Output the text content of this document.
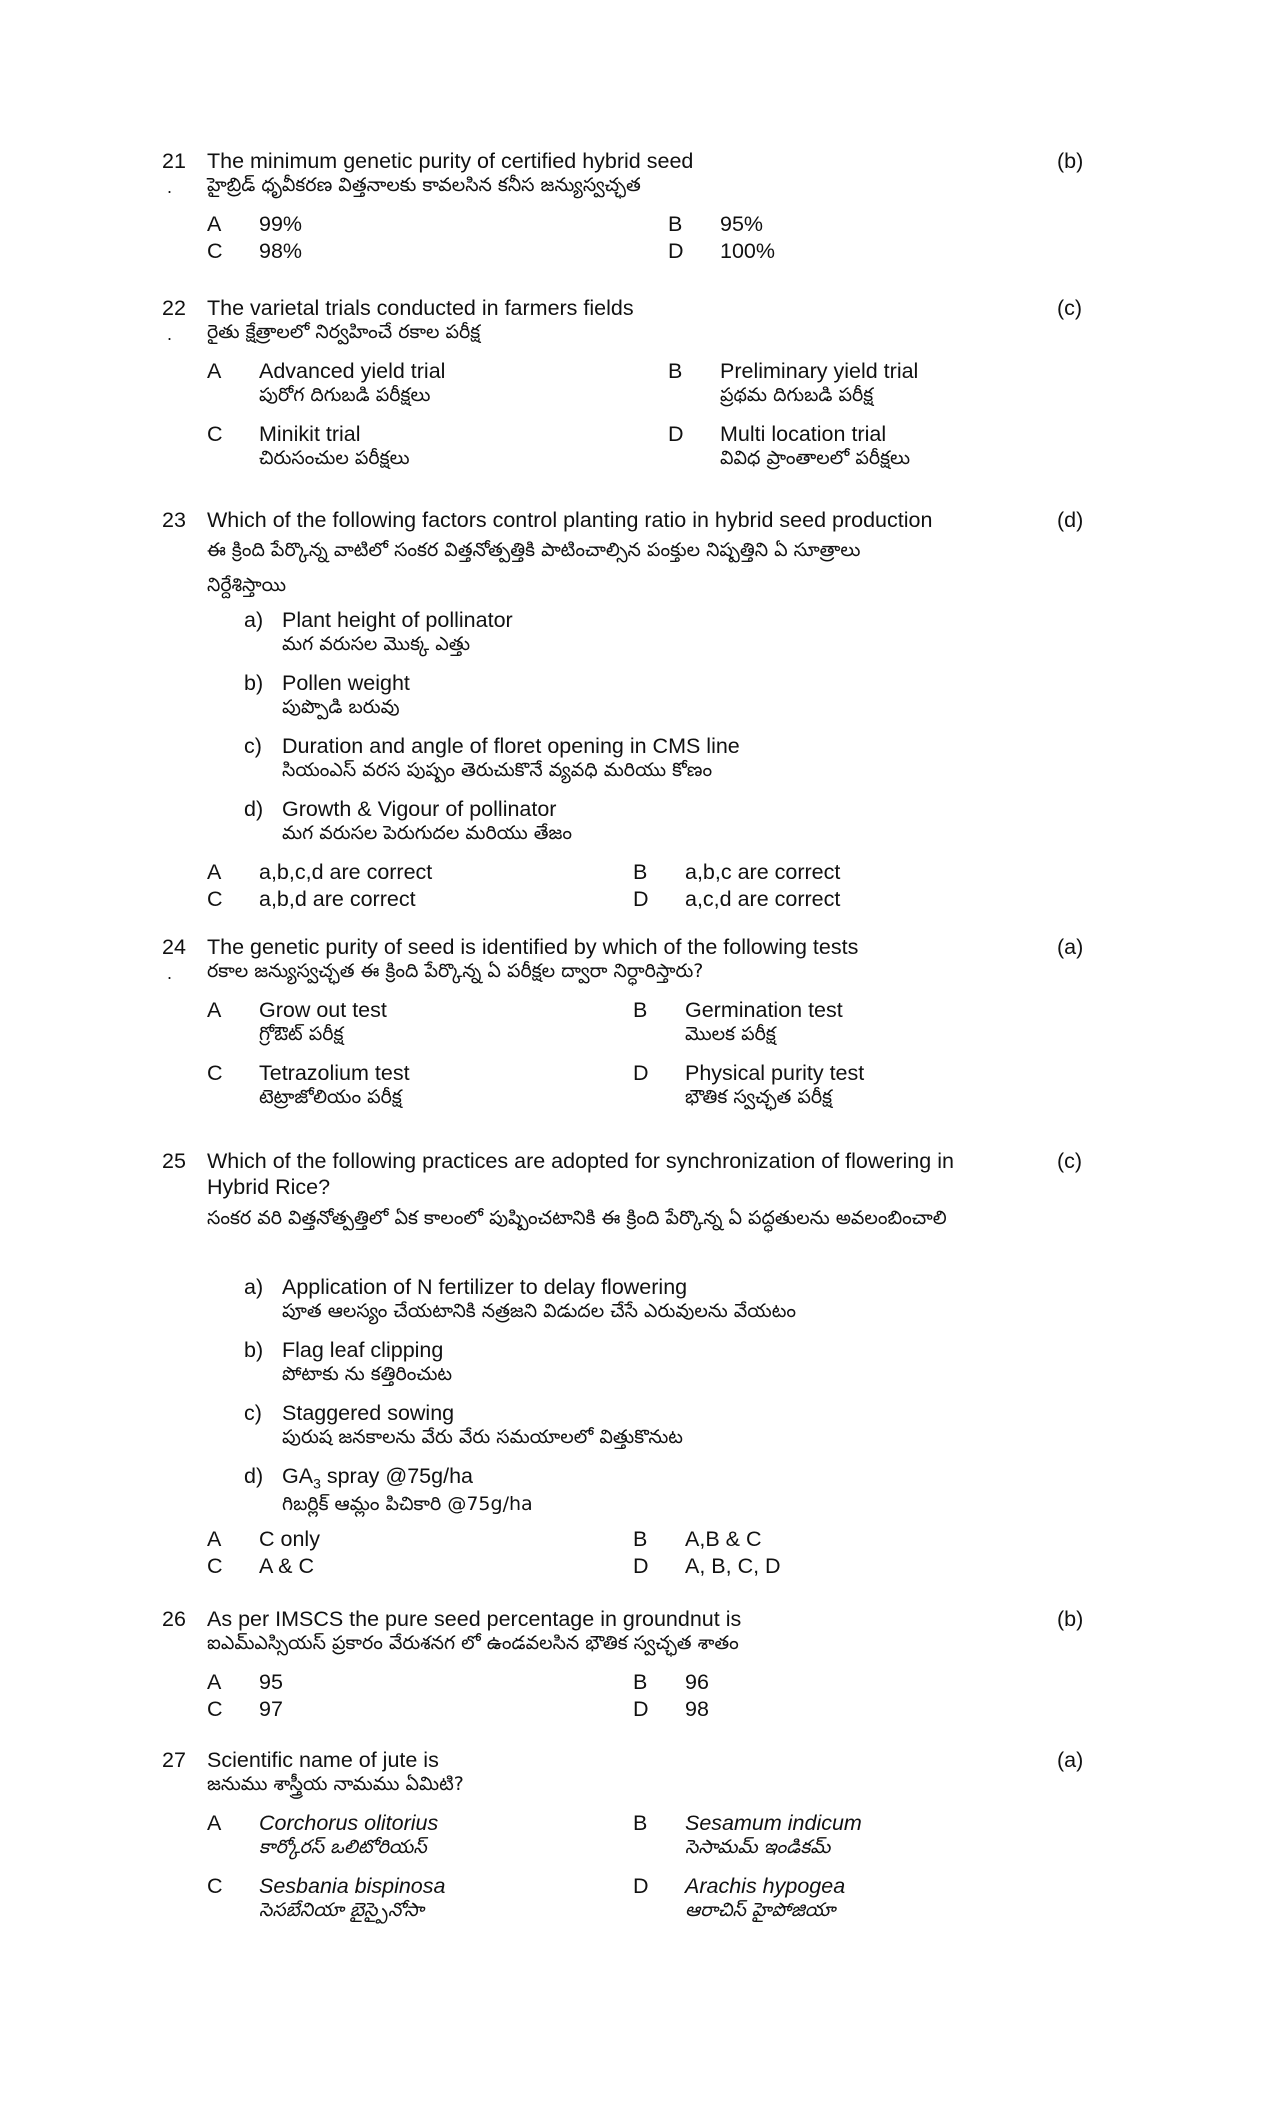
21
.
(b)
The minimum genetic purity of certified hybrid seed
హైబ్రిడ్ ధృవీకరణ విత్తనాలకు కావలసిన కనీస జన్యుస్వచ్ఛత
A 99%	B 95%
C 98%	D 100%
22
.
(c)
The varietal trials conducted in farmers fields
రైతు క్షేత్రాలలో నిర్వహించే రకాల పరీక్ష
A Advanced yield trial
పురోగ దిగుబడి పరీక్షలు
B Preliminary yield trial
ప్రథమ దిగుబడి పరీక్ష
C Minikit trial
చిరుసంచుల పరీక్షలు
D Multi location trial
వివిధ ప్రాంతాలలో పరీక్షలు
23	(d)
Which of the following factors control planting ratio in hybrid seed production
ఈ క్రింది పేర్కొన్న వాటిలో సంకర విత్తనోత్పత్తికి పాటించాల్సిన పంక్తుల నిష్పత్తిని ఏ సూత్రాలు నిర్దేశిస్తాయి
a) Plant height of pollinator
మగ వరుసల మొక్క ఎత్తు
b) Pollen weight
పుప్పొడి బరువు
c) Duration and angle of floret opening in CMS line
సియంఎస్ వరస పుష్పం తెరుచుకొనే వ్యవధి మరియు కోణం
d) Growth & Vigour of pollinator
మగ వరుసల పెరుగుదల మరియు తేజం
A a,b,c,d are correct	B a,b,c are correct
C a,b,d are correct	D a,c,d are correct
24
.
(a)
The genetic purity of seed is identified by which of the following tests
రకాల జన్యుస్వచ్ఛత ఈ క్రింది పేర్కొన్న ఏ పరీక్షల ద్వారా నిర్ధారిస్తారు?
A Grow out test
గ్రోఔట్ పరీక్ష
B Germination test
మొలక పరీక్ష
C Tetrazolium test
టెట్రాజోలియం పరీక్ష
D Physical purity test
భౌతిక స్వచ్ఛత పరీక్ష
25	(c)
Which of the following practices are adopted for synchronization of flowering in Hybrid Rice?
సంకర వరి విత్తనోత్పత్తిలో ఏక కాలంలో పుష్పించటానికి ఈ క్రింది పేర్కొన్న ఏ పద్ధతులను అవలంబించాలి
a) Application of N fertilizer to delay flowering
పూత ఆలస్యం చేయటానికి నత్రజని విడుదల చేసే ఎరువులను వేయటం
b) Flag leaf clipping
పోటాకు ను కత్తిరించుట
c) Staggered sowing
పురుష జనకాలను వేరు వేరు సమయాలలో విత్తుకొనుట
d) $GA_3$ spray @75g/ha
గిబర్లిక్ ఆమ్లం పిచికారి @75g/ha
A C only	B A,B & C
C A & C	D A, B, C, D
26	(b)
As per IMSCS the pure seed percentage in groundnut is
ఐఎమ్ఎస్సియస్ ప్రకారం వేరుశనగ లో ఉండవలసిన భౌతిక స్వచ్ఛత శాతం
A 95	B 96
C 97	D 98
27	(a)
Scientific name of jute is
జనుము శాస్త్రీయ నామము ఏమిటి?
A Corchorus olitorius
కార్కోరస్ ఒలిటోరియస్
B Sesamum indicum
సెసామమ్ ఇండికమ్
C Sesbania bispinosa
సెసబేనియా బైస్పైనోసా
D Arachis hypogea
ఆరాచిస్ హైపోజియా
